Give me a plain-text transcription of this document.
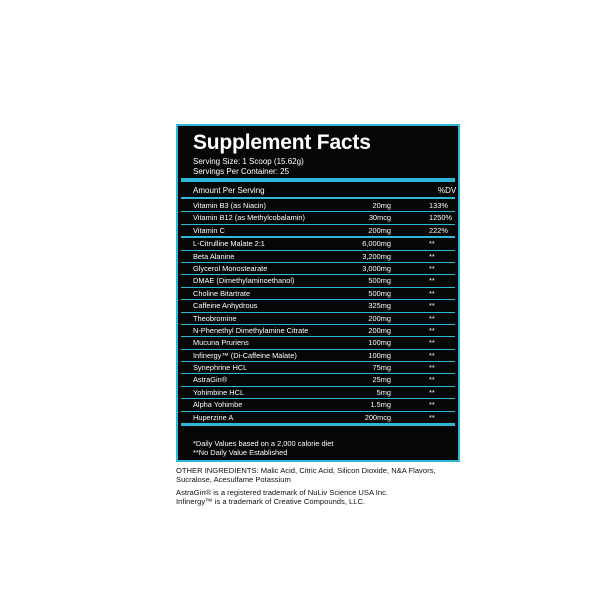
Supplement Facts
Serving Size: 1 Scoop (15.62g)
Servings Per Container: 25
Amount Per Serving	%DV
Vitamin B3 (as Niacin)	20mg	133%
Vitamin B12 (as Methylcobalamin)	30mcg	1250%
Vitamin C	200mg	222%
L-Citrulline Malate 2:1	6,000mg	**
Beta Alanine	3,200mg	**
Glycerol Monostearate	3,000mg	**
DMAE (Dimethylaminoethanol)	500mg	**
Choline Bitartrate	500mg	**
Caffeine Anhydrous	325mg	**
Theobromine	200mg	**
N-Phenethyl Dimethylamine Citrate	200mg	**
Mucuna Pruriens	100mg	**
Infinergy™ (Di-Caffeine Malate)	100mg	**
Synephrine HCL	75mg	**
AstraGin®	25mg	**
Yohimbine HCL	5mg	**
Alpha Yohimbe	1.5mg	**
Huperzine A	200mcg	**
*Daily Values based on a 2,000 calorie diet
**No Daily Value Established

OTHER INGREDIENTS: Malic Acid, Citric Acid, Silicon Dioxide, N&A Flavors, Sucralose, Acesulfame Potassium

AstraGin® is a registered trademark of NuLiv Science USA Inc.
Infinergy™ is a trademark of Creative Compounds, LLC.
